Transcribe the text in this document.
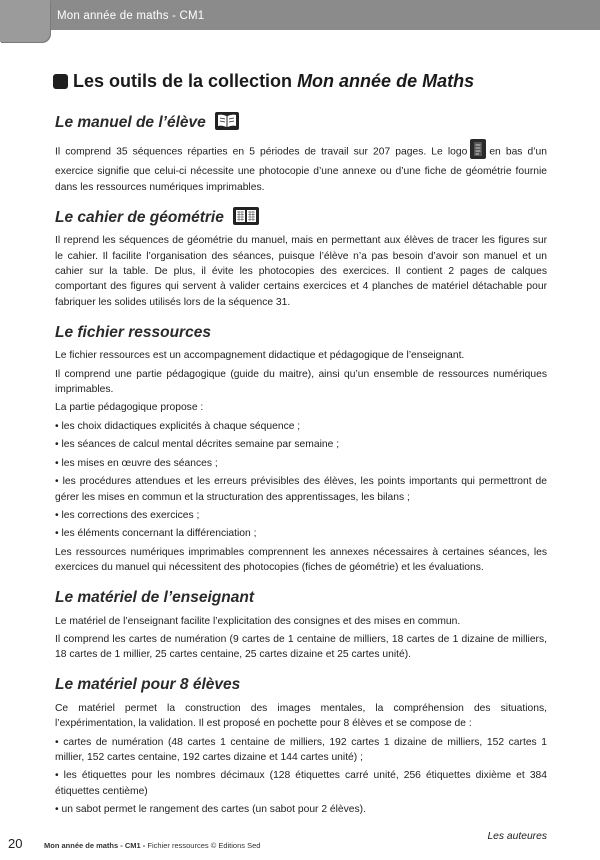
Mon année de maths - CM1
Les outils de la collection Mon année de Maths
Le manuel de l’élève

Il comprend 35 séquences réparties en 5 périodes de travail sur 207 pages. Le logo en bas d’un exercice signifie que celui-ci nécessite une photocopie d’une annexe ou d’une fiche de géométrie fournie dans les ressources numériques imprimables.

Le cahier de géométrie

Il reprend les séquences de géométrie du manuel, mais en permettant aux élèves de tracer les figures sur le cahier. Il facilite l’organisation des séances, puisque l’élève n’a pas besoin d’avoir son manuel et un cahier sur la table. De plus, il évite les photocopies des exercices. Il contient 2 pages de calques comportant des figures qui servent à valider certains exercices et 4 planches de matériel détachable pour fabriquer les solides utilisés lors de la séquence 31.

Le fichier ressources

Le fichier ressources est un accompagnement didactique et pédagogique de l’enseignant.

Il comprend une partie pédagogique (guide du maitre), ainsi qu’un ensemble de ressources numériques imprimables.

La partie pédagogique propose :

• les choix didactiques explicités à chaque séquence ;

• les séances de calcul mental décrites semaine par semaine ;

• les mises en œuvre des séances ;

• les procédures attendues et les erreurs prévisibles des élèves, les points importants qui permettront de gérer les mises en commun et la structuration des apprentissages, les bilans ;

• les corrections des exercices ;

• les éléments concernant la différenciation ;

Les ressources numériques imprimables comprennent les annexes nécessaires à certaines séances, les exercices du manuel qui nécessitent des photocopies (fiches de géométrie) et les évaluations.

Le matériel de l’enseignant

Le matériel de l’enseignant facilite l’explicitation des consignes et des mises en commun.

Il comprend les cartes de numération (9 cartes de 1 centaine de milliers, 18 cartes de 1 dizaine de milliers, 18 cartes de 1 millier, 25 cartes centaine, 25 cartes dizaine et 25 cartes unité).

Le matériel pour 8 élèves

Ce matériel permet la construction des images mentales, la compréhension des situations, l’expérimentation, la validation. Il est proposé en pochette pour 8 élèves et se compose de :

• cartes de numération (48 cartes 1 centaine de milliers, 192 cartes 1 dizaine de milliers, 152 cartes 1 millier, 152 cartes centaine, 192 cartes dizaine et 144 cartes unité) ;

• les étiquettes pour les nombres décimaux (128 étiquettes carré unité, 256 étiquettes dixième et 384 étiquettes centième)

• un sabot permet le rangement des cartes (un sabot pour 2 élèves).

Les auteures
20	Mon année de maths - CM1 - Fichier ressources © Editions Sed
